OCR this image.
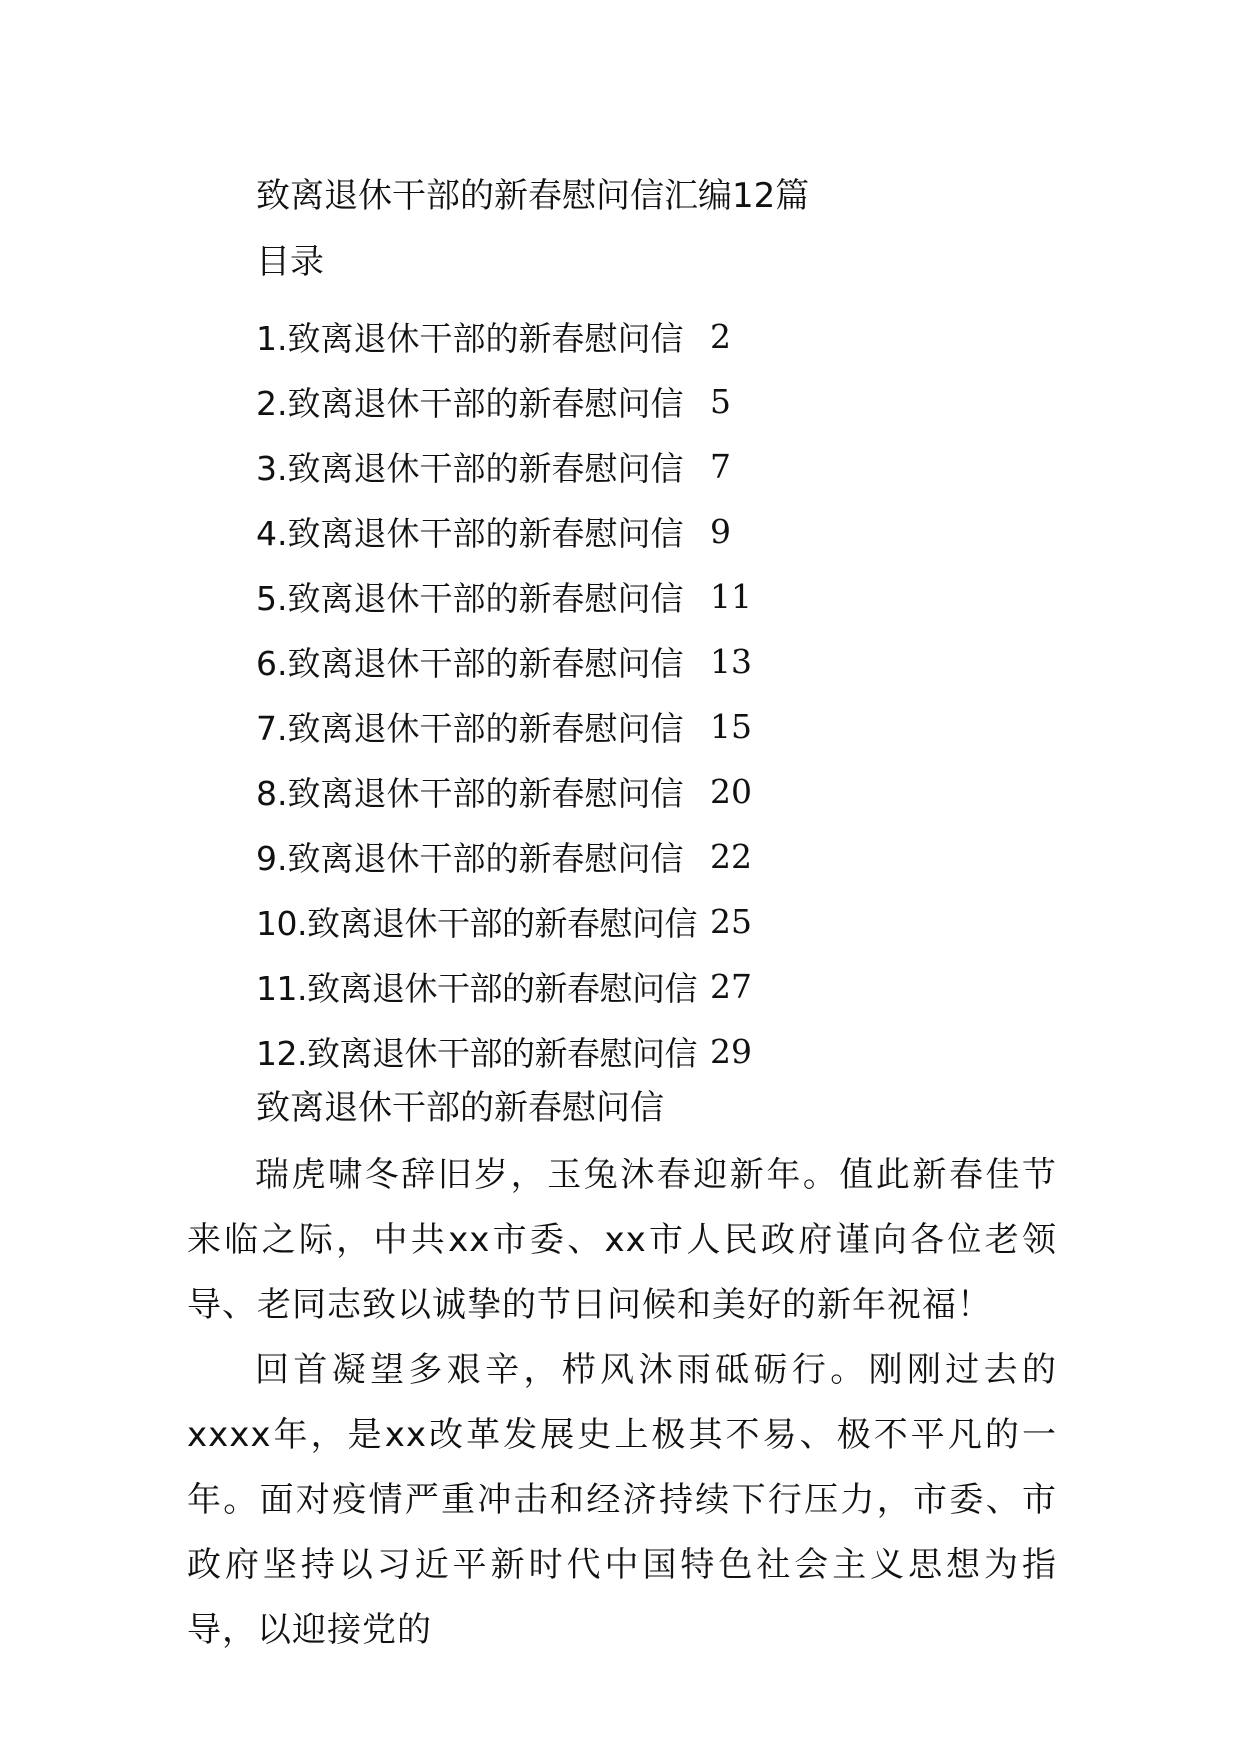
致离退休干部的新春慰问信汇编12篇
目录
1.致离退休干部的新春慰问信 2
2.致离退休干部的新春慰问信 5
3.致离退休干部的新春慰问信 7
4.致离退休干部的新春慰问信 9
5.致离退休干部的新春慰问信 11
6.致离退休干部的新春慰问信 13
7.致离退休干部的新春慰问信 15
8.致离退休干部的新春慰问信 20
9.致离退休干部的新春慰问信 22
10.致离退休干部的新春慰问信 25
11.致离退休干部的新春慰问信 27
12.致离退休干部的新春慰问信 29
致离退休干部的新春慰问信

瑞虎啸冬辞旧岁，玉兔沐春迎新年。值此新春佳节来临之际，中共xx市委、xx市人民政府谨向各位老领导、老同志致以诚挚的节日问候和美好的新年祝福！

回首凝望多艰辛，栉风沐雨砥砺行。刚刚过去的xxxx年，是xx改革发展史上极其不易、极不平凡的一年。面对疫情严重冲击和经济持续下行压力，市委、市政府坚持以习近平新时代中国特色社会主义思想为指导，以迎接党的
